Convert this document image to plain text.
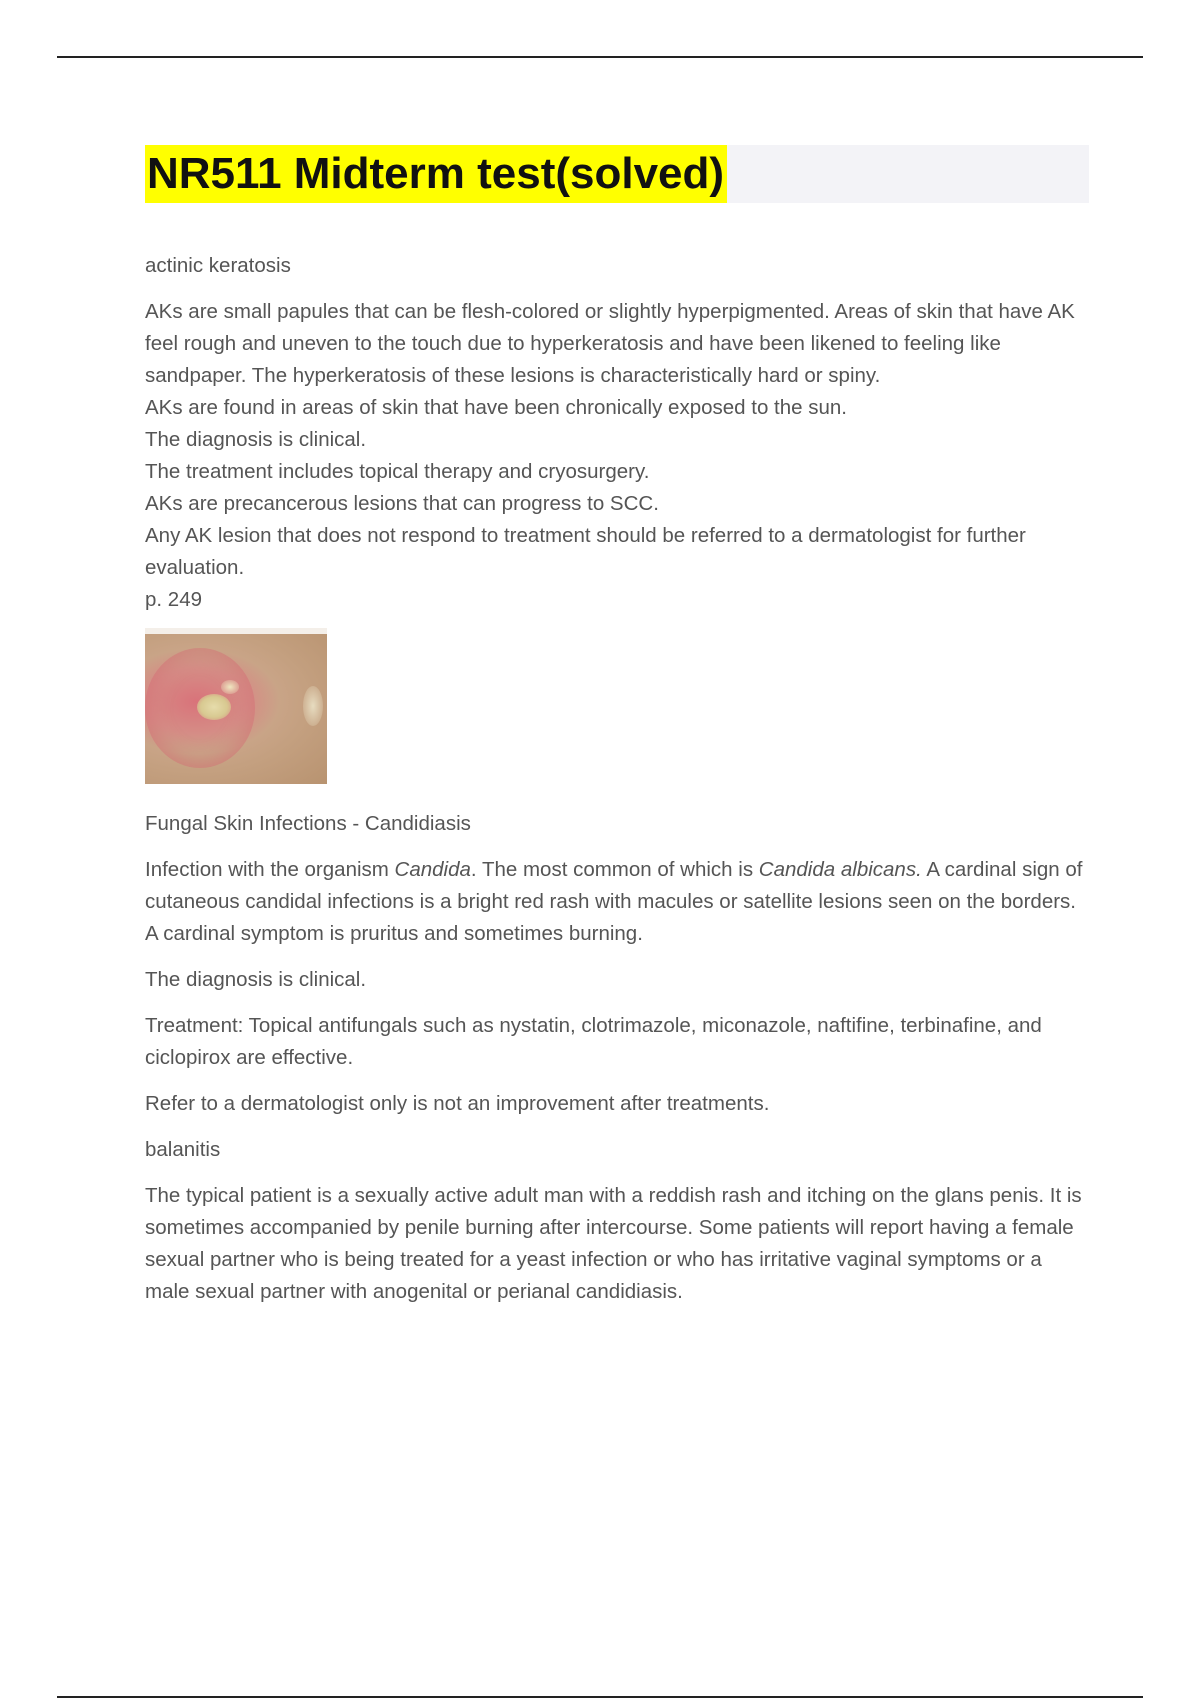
NR511 Midterm test(solved)

actinic keratosis

AKs are small papules that can be flesh-colored or slightly hyperpigmented. Areas of skin that have AK feel rough and uneven to the touch due to hyperkeratosis and have been likened to feeling like sandpaper. The hyperkeratosis of these lesions is characteristically hard or spiny.

AKs are found in areas of skin that have been chronically exposed to the sun.

The diagnosis is clinical.

The treatment includes topical therapy and cryosurgery.

AKs are precancerous lesions that can progress to SCC.

Any AK lesion that does not respond to treatment should be referred to a dermatologist for further evaluation.

p. 249

Fungal Skin Infections - Candidiasis

Infection with the organism Candida. The most common of which is Candida albicans. A cardinal sign of cutaneous candidal infections is a bright red rash with macules or satellite lesions seen on the borders. A cardinal symptom is pruritus and sometimes burning.

The diagnosis is clinical.

Treatment: Topical antifungals such as nystatin, clotrimazole, miconazole, naftifine, terbinafine, and ciclopirox are effective.

Refer to a dermatologist only is not an improvement after treatments.

balanitis

The typical patient is a sexually active adult man with a reddish rash and itching on the glans penis. It is sometimes accompanied by penile burning after intercourse. Some patients will report having a female sexual partner who is being treated for a yeast infection or who has irritative vaginal symptoms or a male sexual partner with anogenital or perianal candidiasis.
